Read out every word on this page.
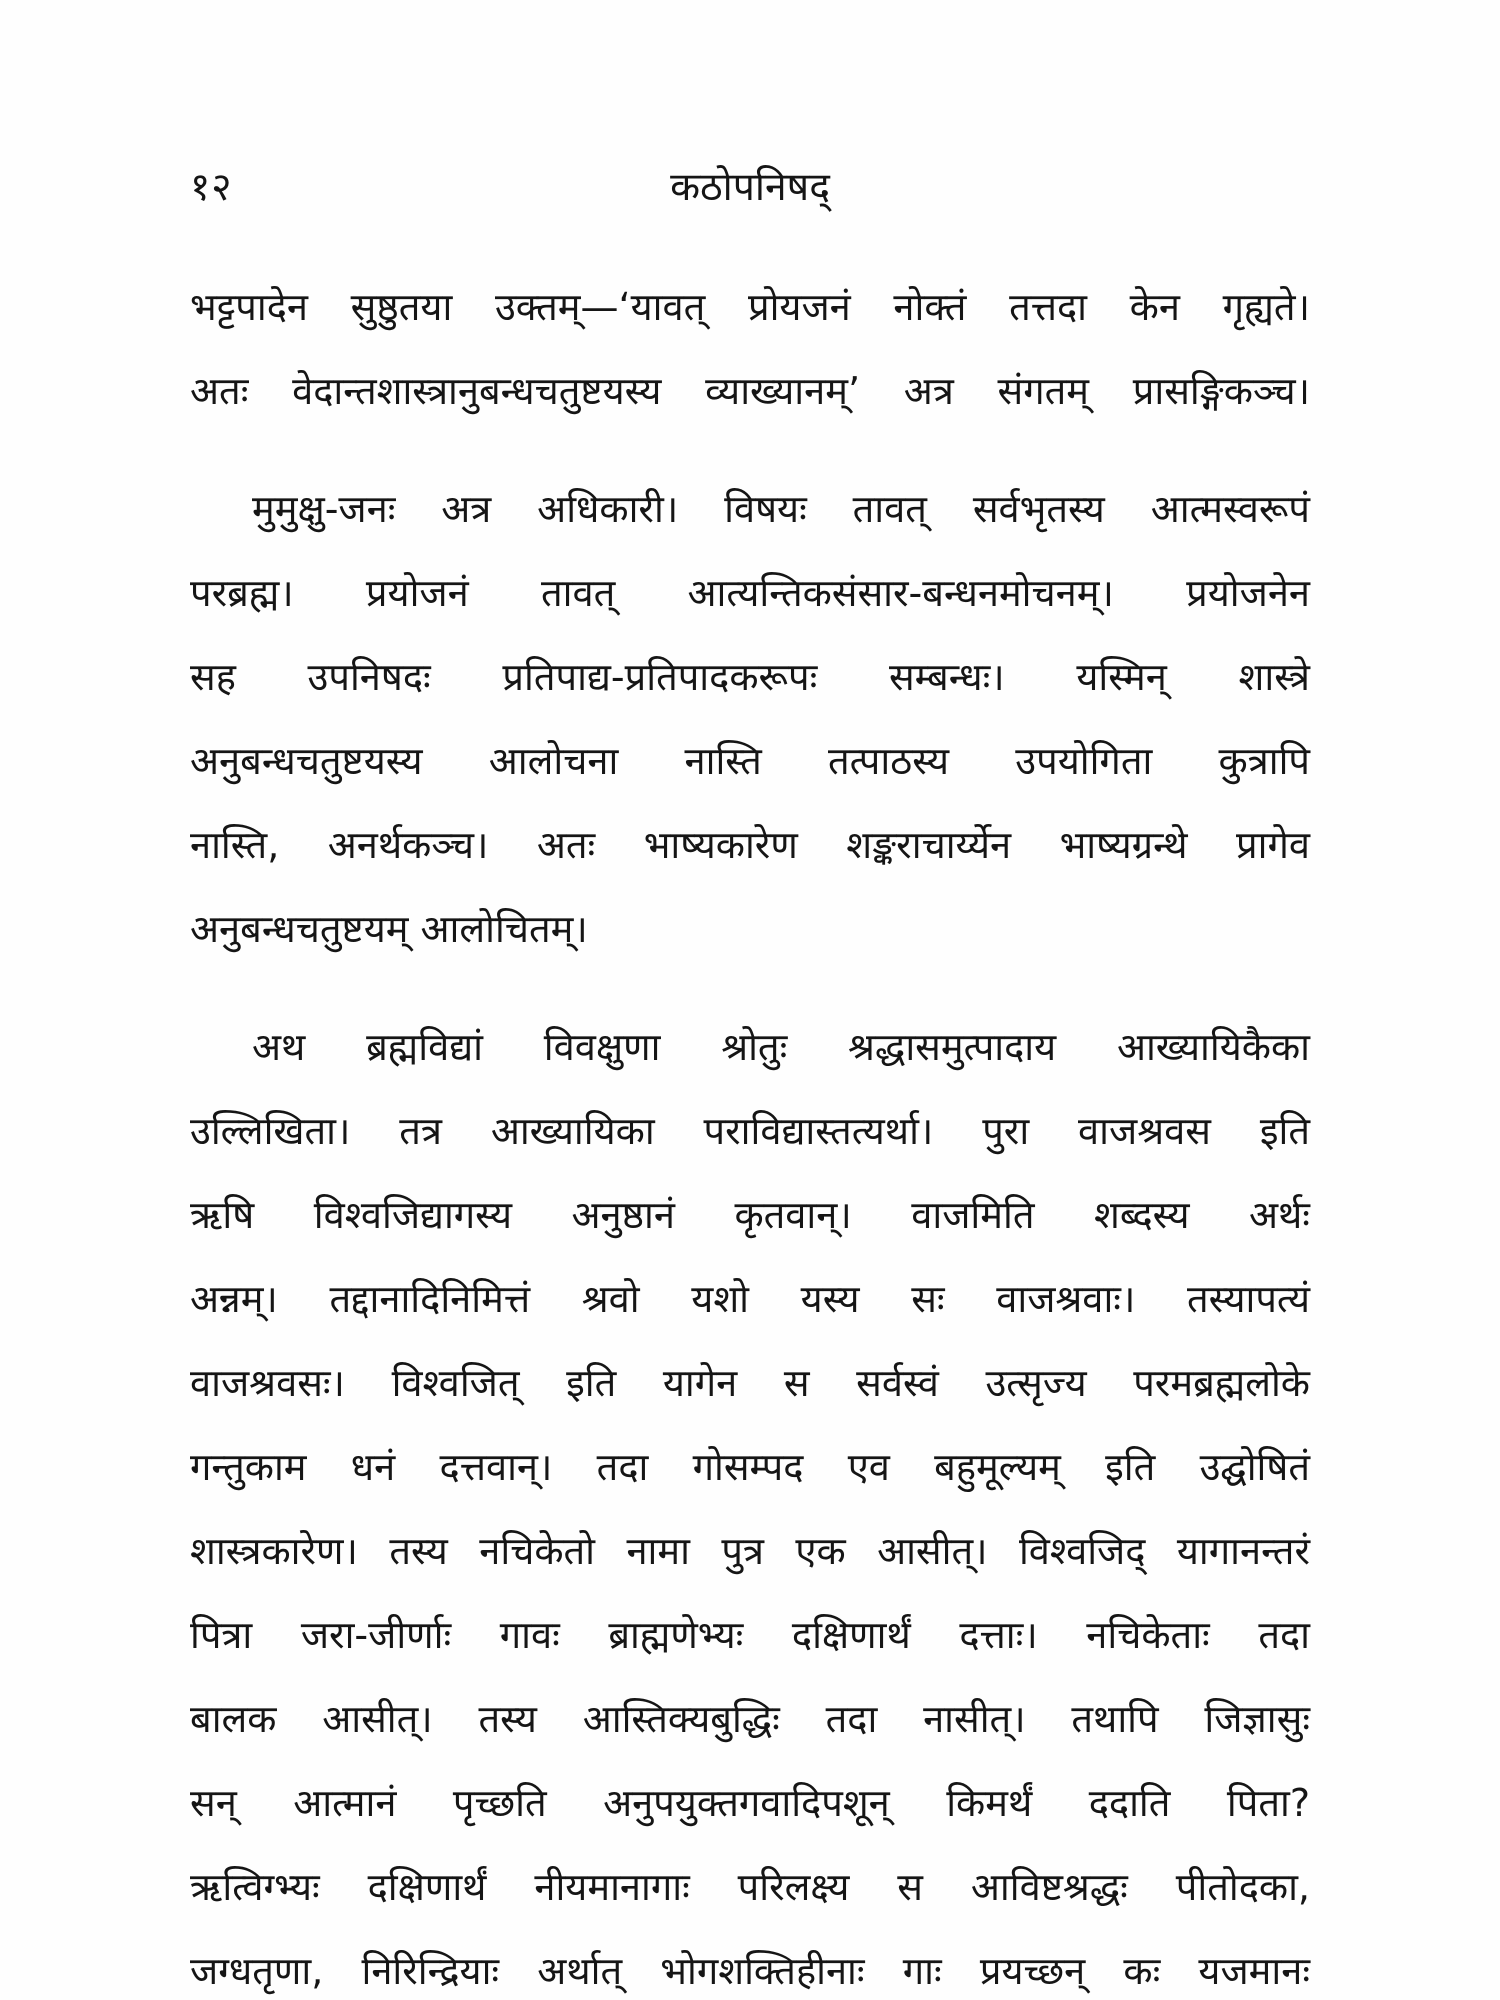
१२	कठोपनिषद्
भट्टपादेन सुष्ठुतया उक्तम्—‘यावत् प्रोयजनं नोक्तं तत्तदा केन गृह्यते।
अतः वेदान्तशास्त्रानुबन्धचतुष्टयस्य व्याख्यानम्’ अत्र संगतम् प्रासङ्गिकञ्च।
मुमुक्षु-जनः अत्र अधिकारी। विषयः तावत् सर्वभृतस्य आत्मस्वरूपं
परब्रह्म। प्रयोजनं तावत् आत्यन्तिकसंसार-बन्धनमोचनम्। प्रयोजनेन
सह उपनिषदः प्रतिपाद्य-प्रतिपादकरूपः सम्बन्धः। यस्मिन् शास्त्रे
अनुबन्धचतुष्टयस्य आलोचना नास्ति तत्पाठस्य उपयोगिता कुत्रापि
नास्ति, अनर्थकञ्च। अतः भाष्यकारेण शङ्कराचार्य्येन भाष्यग्रन्थे प्रागेव
अनुबन्धचतुष्टयम् आलोचितम्।
अथ ब्रह्मविद्यां विवक्षुणा श्रोतुः श्रद्धासमुत्पादाय आख्यायिकैका
उल्लिखिता। तत्र आख्यायिका पराविद्यास्तत्यर्था। पुरा वाजश्रवस इति
ऋषि विश्वजिद्यागस्य अनुष्ठानं कृतवान्। वाजमिति शब्दस्य अर्थः
अन्नम्। तद्दानादिनिमित्तं श्रवो यशो यस्य सः वाजश्रवाः। तस्यापत्यं
वाजश्रवसः। विश्वजित् इति यागेन स सर्वस्वं उत्सृज्य परमब्रह्मलोके
गन्तुकाम धनं दत्तवान्। तदा गोसम्पद एव बहुमूल्यम् इति उद्घोषितं
शास्त्रकारेण। तस्य नचिकेतो नामा पुत्र एक आसीत्। विश्वजिद् यागानन्तरं
पित्रा जरा-जीर्णाः गावः ब्राह्मणेभ्यः दक्षिणार्थं दत्ताः। नचिकेताः तदा
बालक आसीत्। तस्य आस्तिक्यबुद्धिः तदा नासीत्। तथापि जिज्ञासुः
सन् आत्मानं पृच्छति अनुपयुक्तगवादिपशून् किमर्थं ददाति पिता?
ऋत्विग्भ्यः दक्षिणार्थं नीयमानागाः परिलक्ष्य स आविष्टश्रद्धः पीतोदका,
जग्धतृणा, निरिन्द्रियाः अर्थात् भोगशक्तिहीनाः गाः प्रयच्छन् कः यजमानः
